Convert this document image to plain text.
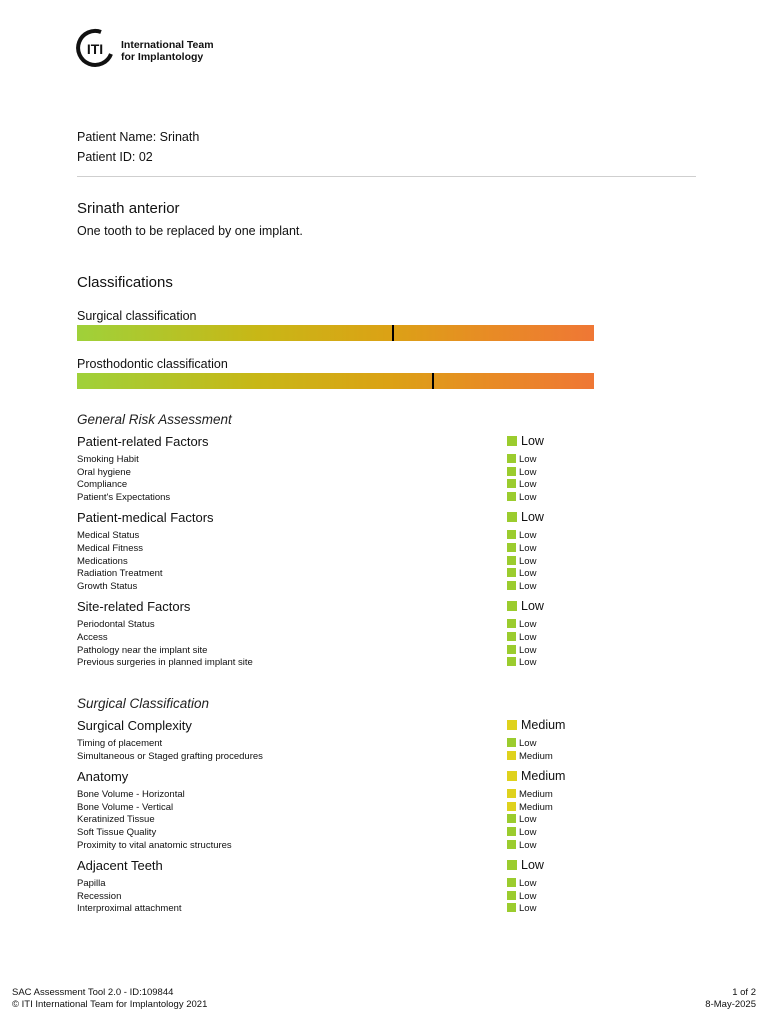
ITI International Team
for Implantology
Patient Name: Srinath
Patient ID: 02
Srinath anterior
One tooth to be replaced by one implant.
Classifications
Surgical classification
Prosthodontic classification
General Risk Assessment
Patient-related Factors	Low
Smoking Habit	Low
Oral hygiene	Low
Compliance	Low
Patient's Expectations	Low
Patient-medical Factors	Low
Medical Status	Low
Medical Fitness	Low
Medications	Low
Radiation Treatment	Low
Growth Status	Low
Site-related Factors	Low
Periodontal Status	Low
Access	Low
Pathology near the implant site	Low
Previous surgeries in planned implant site	Low
Surgical Classification
Surgical Complexity	Medium
Timing of placement	Low
Simultaneous or Staged grafting procedures	Medium
Anatomy	Medium
Bone Volume - Horizontal	Medium
Bone Volume - Vertical	Medium
Keratinized Tissue	Low
Soft Tissue Quality	Low
Proximity to vital anatomic structures	Low
Adjacent Teeth	Low
Papilla	Low
Recession	Low
Interproximal attachment	Low
SAC Assessment Tool 2.0 - ID:109844
© ITI International Team for Implantology 2021
1 of 2
8-May-2025
